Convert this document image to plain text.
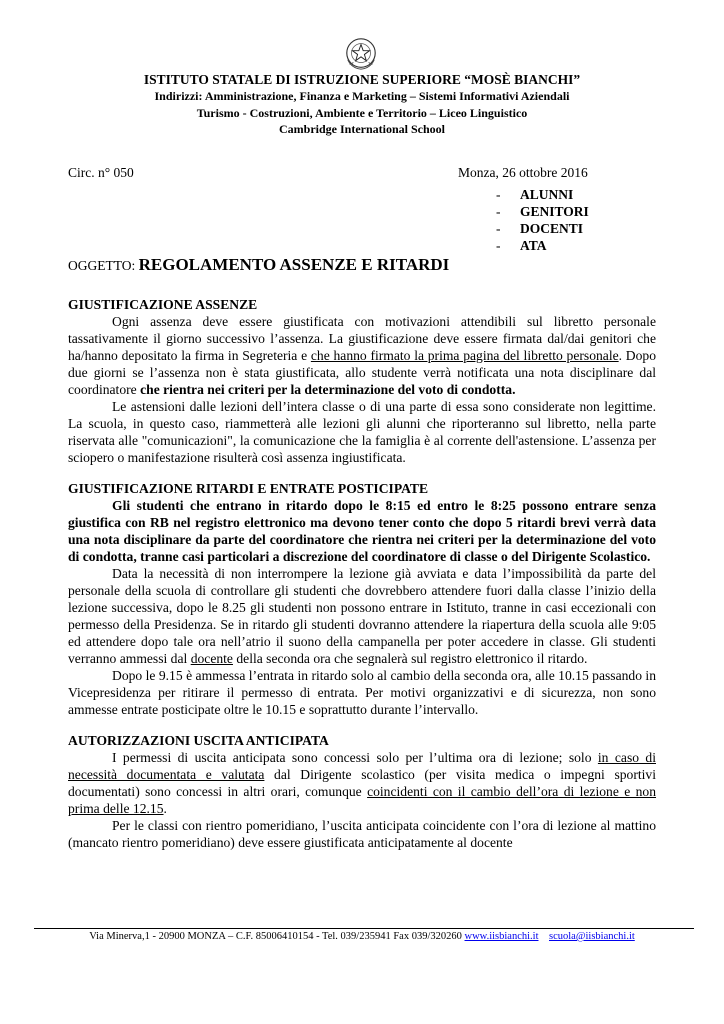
ISTITUTO STATALE DI ISTRUZIONE SUPERIORE “MOSÈ BIANCHI”
Indirizzi: Amministrazione, Finanza e Marketing – Sistemi Informativi Aziendali
Turismo - Costruzioni, Ambiente e Territorio – Liceo Linguistico
Cambridge International School
Circ. n° 050	Monza, 26 ottobre 2016
- ALUNNI
- GENITORI
- DOCENTI
- ATA
OGGETTO: REGOLAMENTO ASSENZE E RITARDI
GIUSTIFICAZIONE ASSENZE

Ogni assenza deve essere giustificata con motivazioni attendibili sul libretto personale tassativamente il giorno successivo l’assenza. La giustificazione deve essere firmata dal/dai genitori che ha/hanno depositato la firma in Segreteria e che hanno firmato la prima pagina del libretto personale. Dopo due giorni se l’assenza non è stata giustificata, allo studente verrà notificata una nota disciplinare dal coordinatore che rientra nei criteri per la determinazione del voto di condotta.

Le astensioni dalle lezioni dell’intera classe o di una parte di essa sono considerate non legittime. La scuola, in questo caso, riammetterà alle lezioni gli alunni che riporteranno sul libretto, nella parte riservata alle "comunicazioni", la comunicazione che la famiglia è al corrente dell'astensione. L’assenza per sciopero o manifestazione risulterà così assenza ingiustificata.

GIUSTIFICAZIONE RITARDI E ENTRATE POSTICIPATE

Gli studenti che entrano in ritardo dopo le 8:15 ed entro le 8:25 possono entrare senza giustifica con RB nel registro elettronico ma devono tener conto che dopo 5 ritardi brevi verrà data una nota disciplinare da parte del coordinatore che rientra nei criteri per la determinazione del voto di condotta, tranne casi particolari a discrezione del coordinatore di classe o del Dirigente Scolastico.

Data la necessità di non interrompere la lezione già avviata e data l’impossibilità da parte del personale della scuola di controllare gli studenti che dovrebbero attendere fuori dalla classe l’inizio della lezione successiva, dopo le 8.25 gli studenti non possono entrare in Istituto, tranne in casi eccezionali con permesso della Presidenza. Se in ritardo gli studenti dovranno attendere la riapertura della scuola alle 9:05 ed attendere dopo tale ora nell’atrio il suono della campanella per poter accedere in classe. Gli studenti verranno ammessi dal docente della seconda ora che segnalerà sul registro elettronico il ritardo.

Dopo le 9.15 è ammessa l’entrata in ritardo solo al cambio della seconda ora, alle 10.15 passando in Vicepresidenza per ritirare il permesso di entrata. Per motivi organizzativi e di sicurezza, non sono ammesse entrate posticipate oltre le 10.15 e soprattutto durante l’intervallo.

AUTORIZZAZIONI USCITA ANTICIPATA

I permessi di uscita anticipata sono concessi solo per l’ultima ora di lezione; solo in caso di necessità documentata e valutata dal Dirigente scolastico (per visita medica o impegni sportivi documentati) sono concessi in altri orari, comunque coincidenti con il cambio dell’ora di lezione e non prima delle 12.15.

Per le classi con rientro pomeridiano, l’uscita anticipata coincidente con l’ora di lezione al mattino (mancato rientro pomeridiano) deve essere giustificata anticipatamente al docente

Via Minerva,1 - 20900 MONZA – C.F. 85006410154 - Tel. 039/235941 Fax 039/320260 www.iisbianchi.it scuola@iisbianchi.it
